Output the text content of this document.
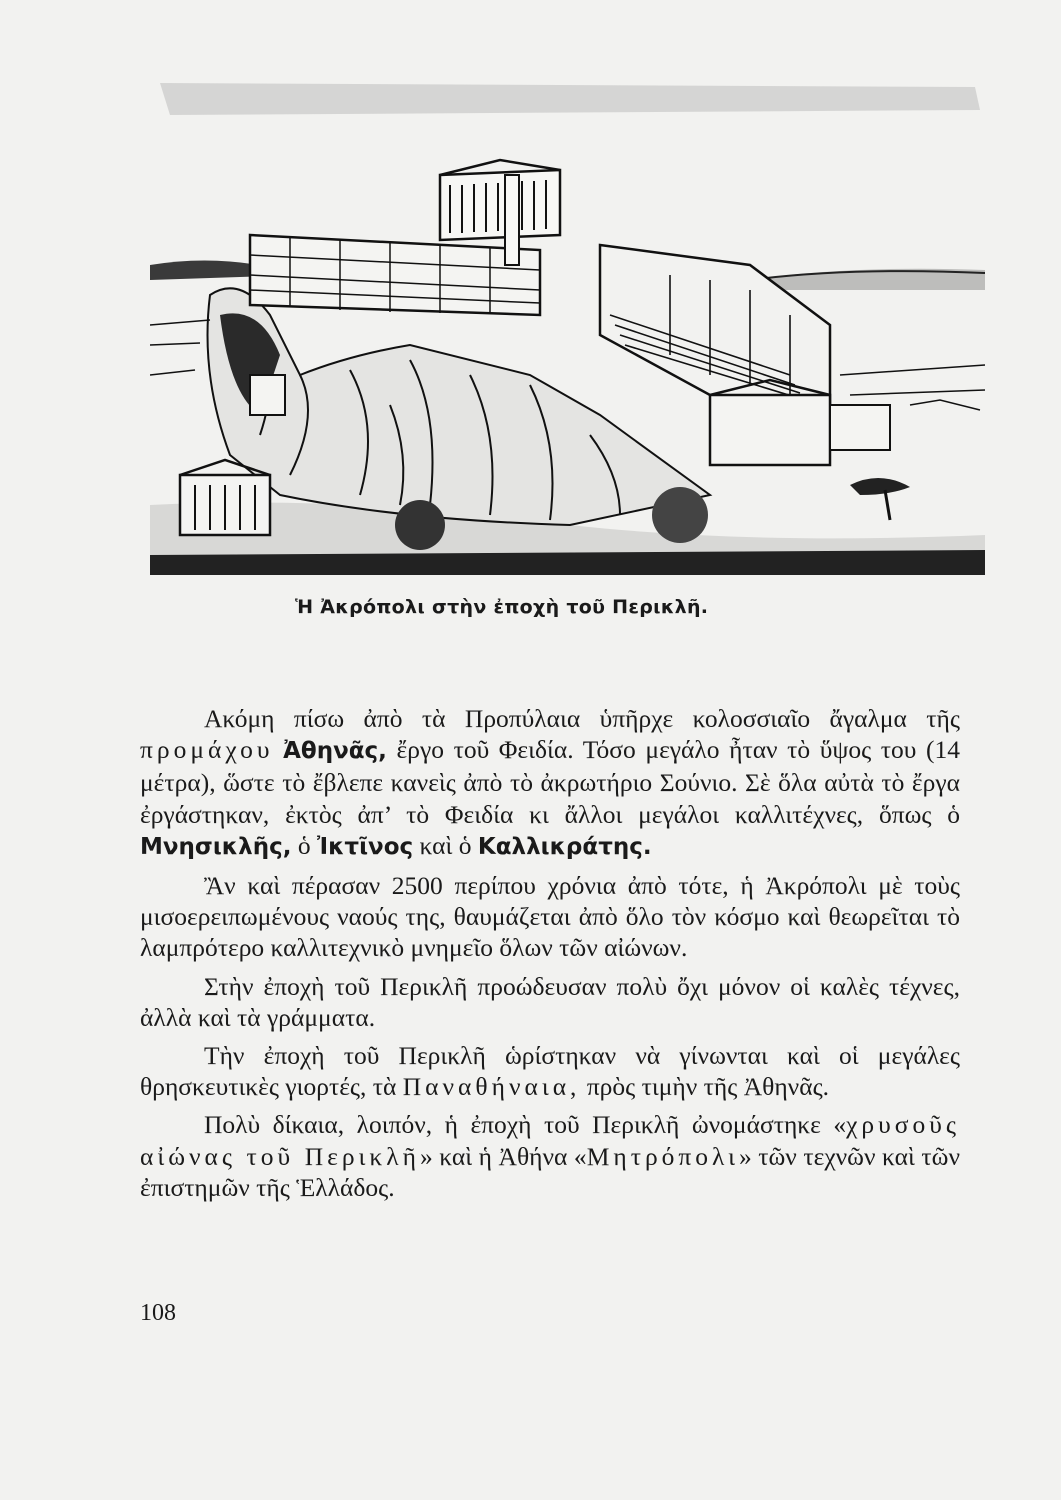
Ἡ Ἀκρόπολι στὴν ἐποχὴ τοῦ Περικλῆ.

Ακόμη πίσω ἀπὸ τὰ Προπύλαια ὑπῆρχε κολοσσιαῖο ἄγαλμα τῆς προμάχου Ἀθηνᾶς, ἔργο τοῦ Φειδία. Τόσο μεγάλο ἦταν τὸ ὕψος του (14 μέτρα), ὥστε τὸ ἔβλεπε κανεὶς ἀπὸ τὸ ἀκρωτήριο Σούνιο. Σὲ ὅλα αὐτὰ τὸ ἔργα ἐργάστηκαν, ἐκτὸς ἀπ’ τὸ Φειδία κι ἄλλοι μεγάλοι καλλιτέχνες, ὅπως ὁ Μνησικλῆς, ὁ Ἰκτῖνος καὶ ὁ Καλλικράτης.

Ἂν καὶ πέρασαν 2500 περίπου χρόνια ἀπὸ τότε, ἡ Ἀκρόπολι μὲ τοὺς μισοερειπωμένους ναούς της, θαυμάζεται ἀπὸ ὅλο τὸν κόσμο καὶ θεωρεῖται τὸ λαμπρότερο καλλιτεχνικὸ μνημεῖο ὅλων τῶν αἰώνων.

Στὴν ἐποχὴ τοῦ Περικλῆ προώδευσαν πολὺ ὄχι μόνον οἱ καλὲς τέχνες, ἀλλὰ καὶ τὰ γράμματα.

Τὴν ἐποχὴ τοῦ Περικλῆ ὡρίστηκαν νὰ γίνωνται καὶ οἱ μεγάλες θρησκευτικὲς γιορτές, τὰ Παναθήναια, πρὸς τιμὴν τῆς Ἀθηνᾶς.

Πολὺ δίκαια, λοιπόν, ἡ ἐποχὴ τοῦ Περικλῆ ὠνομάστηκε «χρυσοῦς αἰώνας τοῦ Περικλῆ» καὶ ἡ Ἀθήνα «Μητρόπολι» τῶν τεχνῶν καὶ τῶν ἐπιστημῶν τῆς Ἑλλάδος.

108
